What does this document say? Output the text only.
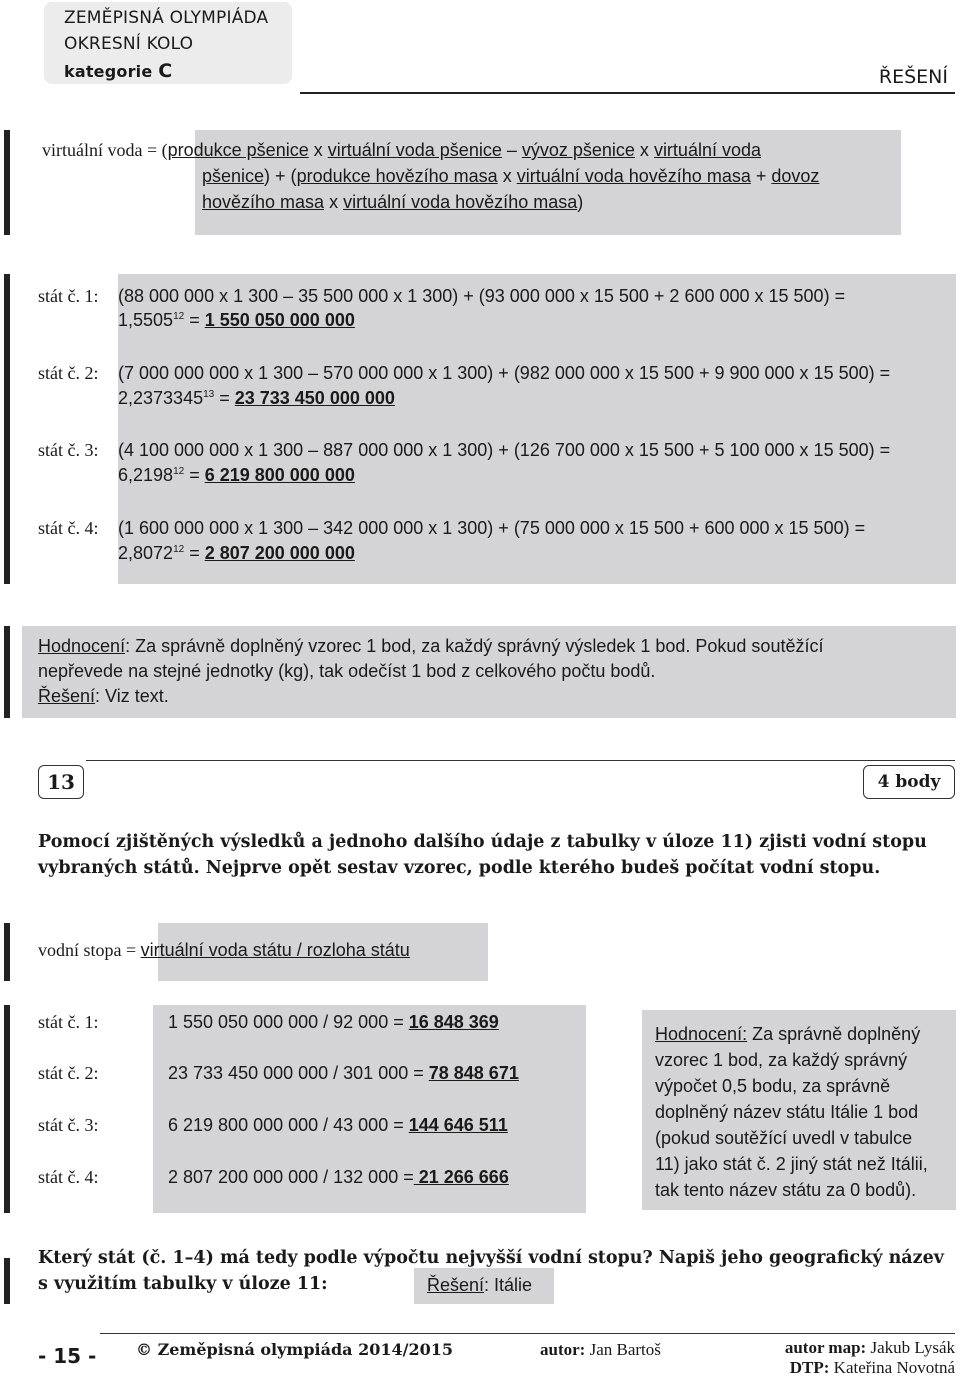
ZEMĚPISNÁ OLYMPIÁDA
OKRESNÍ KOLO
kategorie C	ŘEŠENÍ
virtuální voda = (produkce pšenice x virtuální voda pšenice – vývoz pšenice x virtuální voda
pšenice) + (produkce hovězího masa x virtuální voda hovězího masa + dovoz
hovězího masa x virtuální voda hovězího masa)
stát č. 1: (88 000 000 x 1 300 – 35 500 000 x 1 300) + (93 000 000 x 15 500 + 2 600 000 x 15 500) =
$1,5505^{12} = 1$ 550 050 000 000
stát č. 2: (7 000 000 000 x 1 300 – 570 000 000 x 1 300) + (982 000 000 x 15 500 + 9 900 000 x 15 500) =
$2,2373345^{13} = 23$ 733 450 000 000
stát č. 3: (4 100 000 000 x 1 300 – 887 000 000 x 1 300) + (126 700 000 x 15 500 + 5 100 000 x 15 500) =
$6,2198^{12} = 6$ 219 800 000 000
stát č. 4: (1 600 000 000 x 1 300 – 342 000 000 x 1 300) + (75 000 000 x 15 500 + 600 000 x 15 500) =
$2,8072^{12} = 2$ 807 200 000 000
Hodnocení: Za správně doplněný vzorec 1 bod, za každý správný výsledek 1 bod. Pokud soutěžící
nepřevede na stejné jednotky (kg), tak odečíst 1 bod z celkového počtu bodů.
Řešení: Viz text.
13	4 body
Pomocí zjištěných výsledků a jednoho dalšího údaje z tabulky v úloze 11) zjisti vodní stopu
vybraných států. Nejprve opět sestav vzorec, podle kterého budeš počítat vodní stopu.
vodní stopa = virtuální voda státu / rozloha státu
stát č. 1:	1 550 050 000 000 / 92 000 = 16 848 369
stát č. 2:	23 733 450 000 000 / 301 000 = 78 848 671
stát č. 3:	6 219 800 000 000 / 43 000 = 144 646 511
stát č. 4:	2 807 200 000 000 / 132 000 = 21 266 666
Hodnocení: Za správně doplněný
vzorec 1 bod, za každý správný
výpočet 0,5 bodu, za správně
doplněný název státu Itálie 1 bod
(pokud soutěžící uvedl v tabulce
11) jako stát č. 2 jiný stát než Itálii,
tak tento název státu za 0 bodů).
Který stát (č. 1–4) má tedy podle výpočtu nejvyšší vodní stopu? Napiš jeho geografický název
s využitím tabulky v úloze 11:	Řešení: Itálie
- 15 - © Zeměpisná olympiáda 2014/2015	autor: Jan Bartoš	autor map: Jakub Lysák
DTP: Kateřina Novotná
